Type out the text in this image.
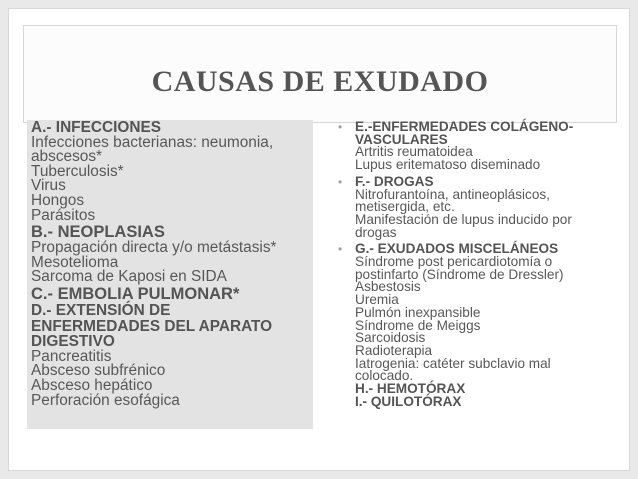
CAUSAS DE EXUDADO
A.- INFECCIONES
Infecciones bacterianas: neumonia,
abscesos*
Tuberculosis*
Virus
Hongos
Parásitos
B.- NEOPLASIAS
Propagación directa y/o metástasis*
Mesotelioma
Sarcoma de Kaposi en SIDA
C.- EMBOLIA PULMONAR*
D.- EXTENSIÓN DE
ENFERMEDADES DEL APARATO
DIGESTIVO
Pancreatitis
Absceso subfrénico
Absceso hepático
Perforación esofágica
• E.-ENFERMEDADES COLÁGENO-
VASCULARES
Artritis reumatoidea
Lupus eritematoso diseminado
• F.- DROGAS
Nitrofurantoína, antineoplásicos,
metisergida, etc.
Manifestación de lupus inducido por
drogas
• G.- EXUDADOS MISCELÁNEOS
Síndrome post pericardiotomía o
postinfarto (Síndrome de Dressler)
Asbestosis
Uremia
Pulmón inexpansible
Síndrome de Meiggs
Sarcoidosis
Radioterapia
Iatrogenia: catéter subclavio mal
colocado.
H.- HEMOTÓRAX
I.- QUILOTÓRAX
